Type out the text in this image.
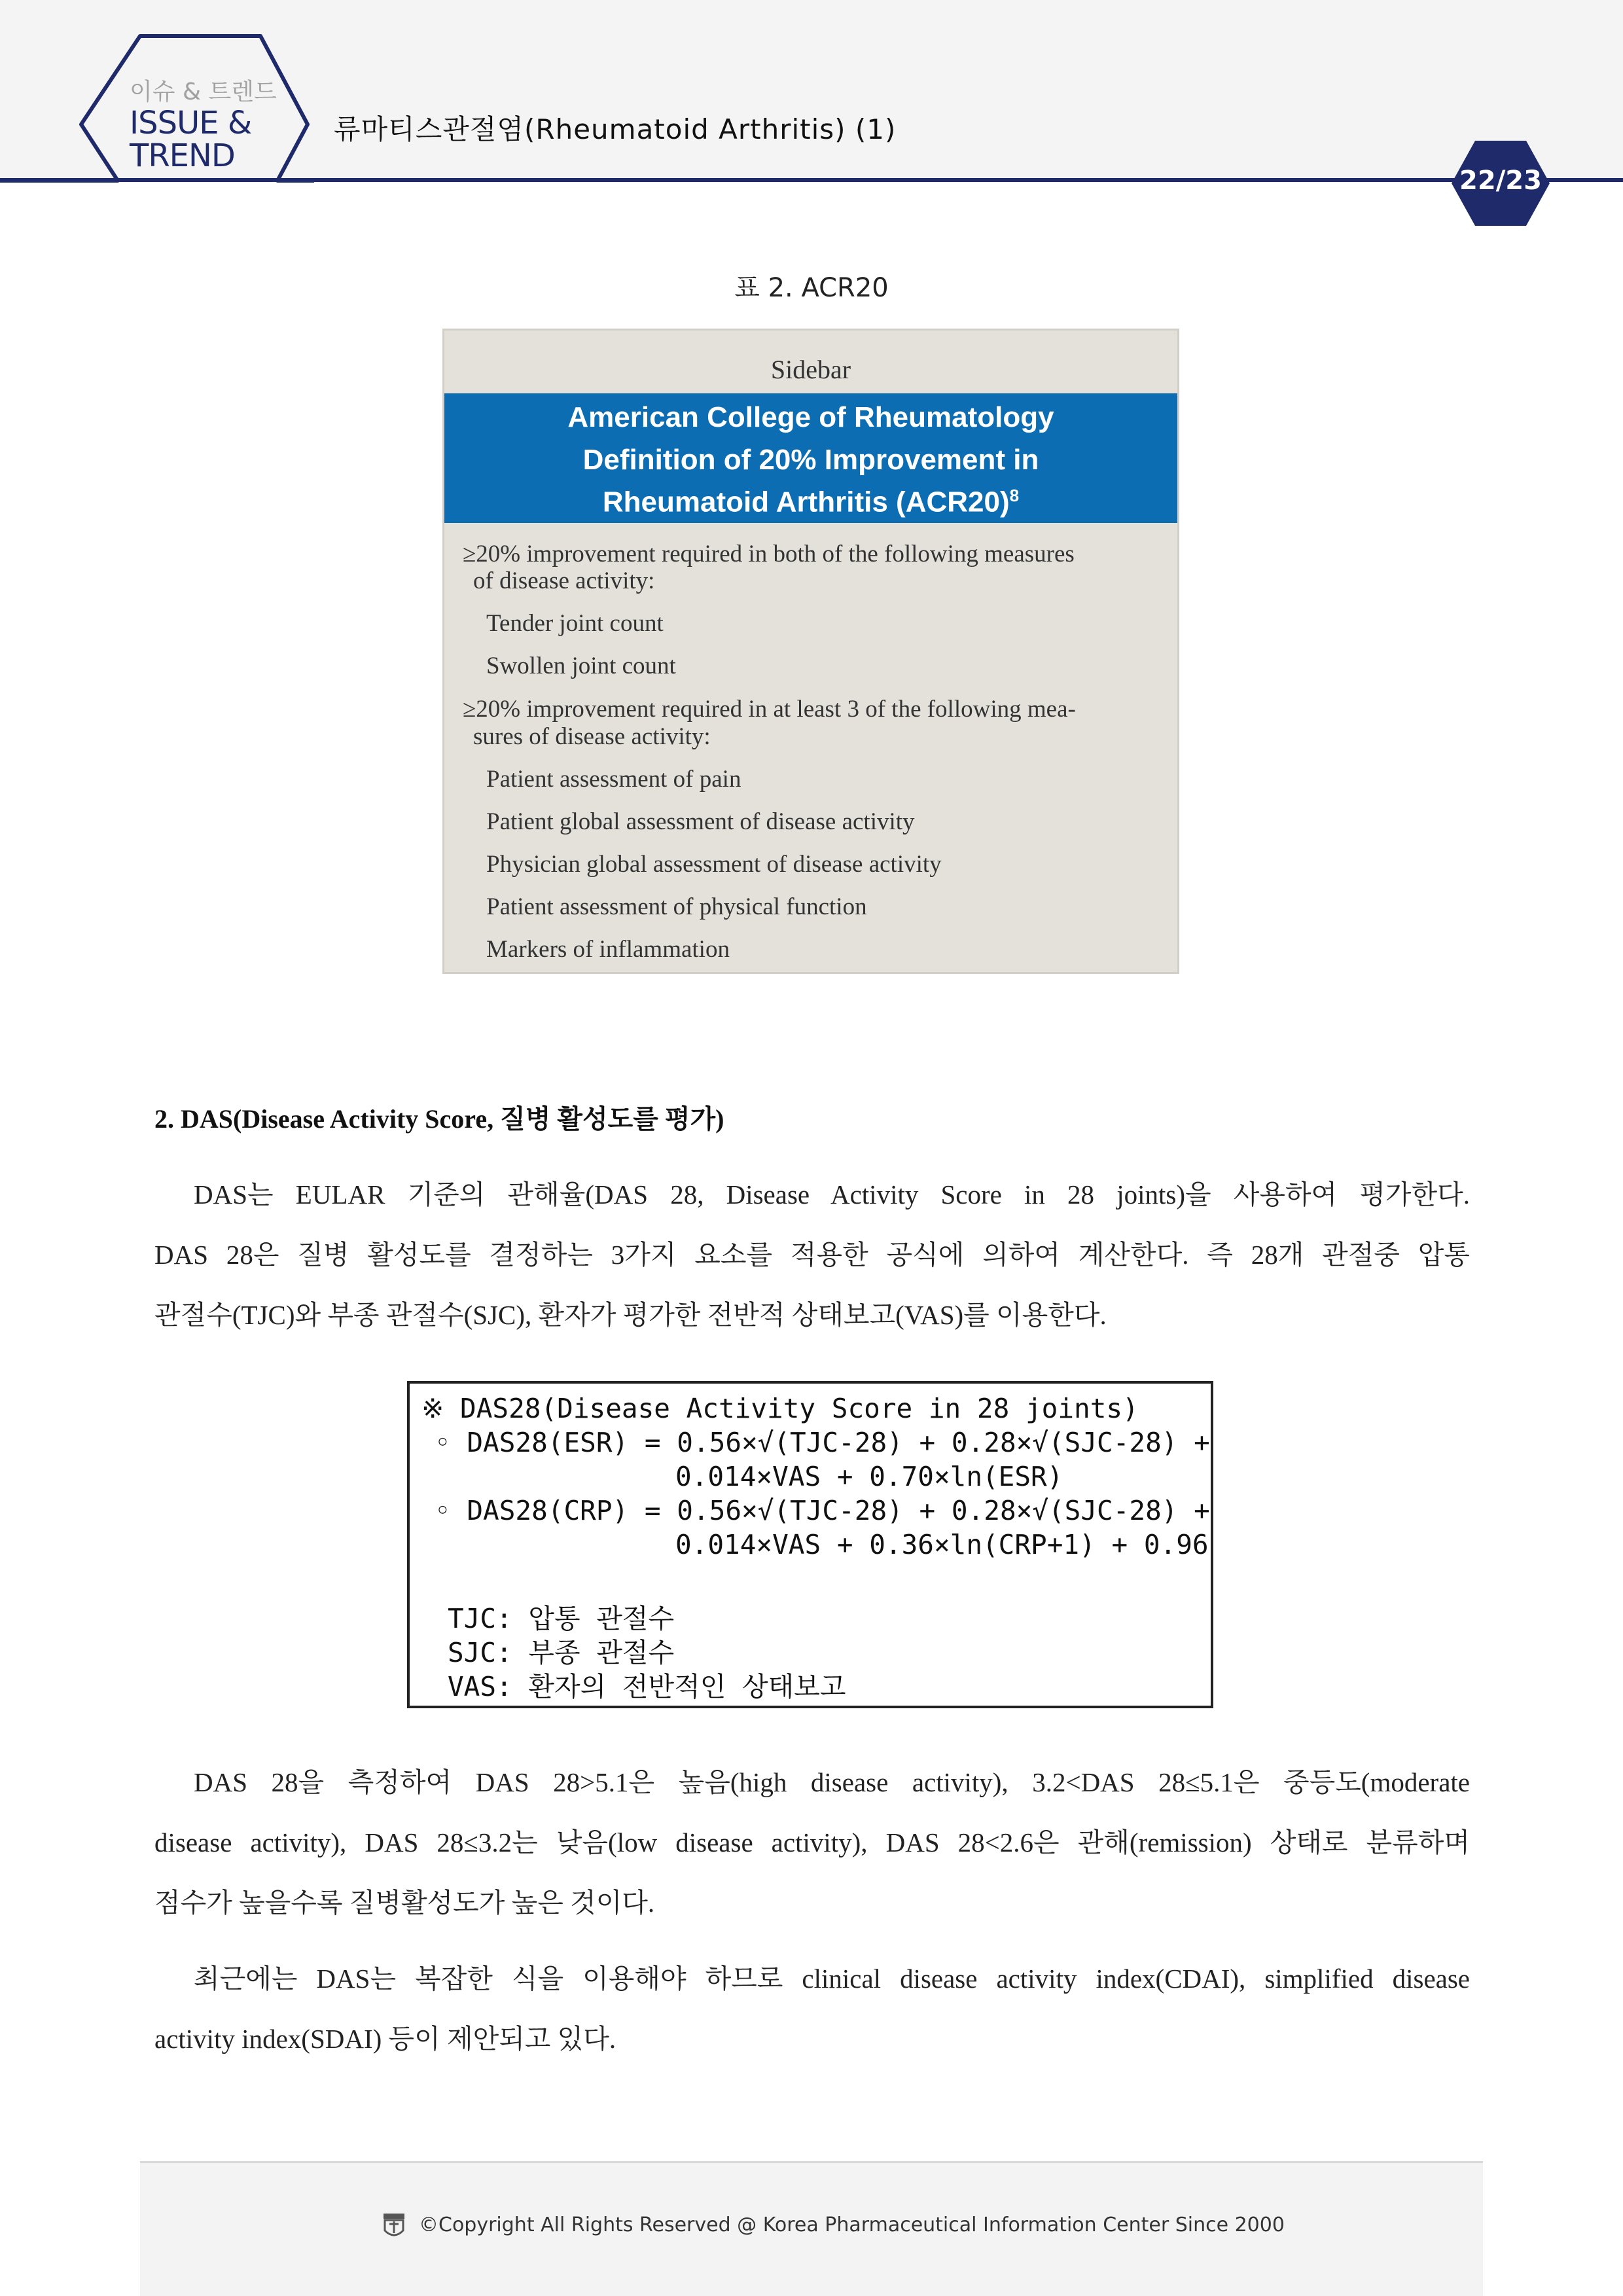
이슈 & 트렌드
ISSUE &
TREND
류마티스관절염(Rheumatoid Arthritis) (1)
22/23
표 2. ACR20
Sidebar
American College of Rheumatology
Definition of 20% Improvement in
Rheumatoid Arthritis $(ACR20)^8$
≥20% improvement required in both of the following measures
of disease activity:
Tender joint count
Swollen joint count
≥20% improvement required in at least 3 of the following mea-
sures of disease activity:
Patient assessment of pain
Patient global assessment of disease activity
Physician global assessment of disease activity
Patient assessment of physical function
Markers of inflammation
2. DAS(Disease Activity Score, 질병 활성도를 평가)
DAS는 EULAR 기준의 관해율(DAS 28, Disease Activity Score in 28 joints)을 사용하여 평가한다.
DAS 28은 질병 활성도를 결정하는 3가지 요소를 적용한 공식에 의하여 계산한다. 즉 28개 관절중 압통
관절수(TJC)와 부종 관절수(SJC), 환자가 평가한 전반적 상태보고(VAS)를 이용한다.
※ DAS28(Disease Activity Score in 28 joints)
◦ DAS28(ESR) = 0.56×√(TJC-28) + 0.28×√(SJC-28) +
0.014×VAS + 0.70×ln(ESR)
◦ DAS28(CRP) = 0.56×√(TJC-28) + 0.28×√(SJC-28) +
0.014×VAS + 0.36×ln(CRP+1) + 0.96
TJC: 압통 관절수
SJC: 부종 관절수
VAS: 환자의 전반적인 상태보고
DAS 28을 측정하여 DAS 28>5.1은 높음(high disease activity), 3.2<DAS 28≤5.1은 중등도(moderate
disease activity), DAS 28≤3.2는 낮음(low disease activity), DAS 28<2.6은 관해(remission) 상태로 분류하며
점수가 높을수록 질병활성도가 높은 것이다.
최근에는 DAS는 복잡한 식을 이용해야 하므로 clinical disease activity index(CDAI), simplified disease
activity index(SDAI) 등이 제안되고 있다.
©Copyright All Rights Reserved @ Korea Pharmaceutical Information Center Since 2000
